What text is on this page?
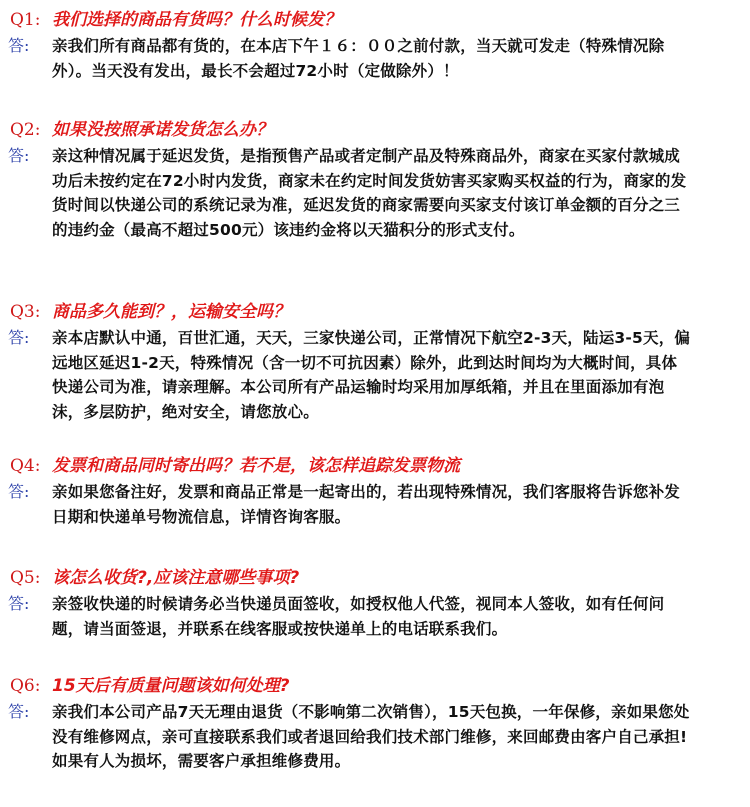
Q1: 我们选择的商品有货吗？什么时候发？
答: 亲我们所有商品都有货的，在本店下午１６：００之前付款，当天就可发走（特殊情况除外）。当天没有发出，最长不会超过72小时（定做除外）！
Q2: 如果没按照承诺发货怎么办？
答: 亲这种情况属于延迟发货，是指预售产品或者定制产品及特殊商品外，商家在买家付款城成功后未按约定在72小时内发货，商家未在约定时间发货妨害买家购买权益的行为，商家的发货时间以快递公司的系统记录为准，延迟发货的商家需要向买家支付该订单金额的百分之三的违约金（最高不超过500元）该违约金将以天猫积分的形式支付。
Q3: 商品多久能到？，运输安全吗？
答: 亲本店默认中通，百世汇通，天天，三家快递公司，正常情况下航空2-3天，陆运3-5天，偏远地区延迟1-2天，特殊情况（含一切不可抗因素）除外，此到达时间均为大概时间，具体快递公司为准，请亲理解。本公司所有产品运输时均采用加厚纸箱，并且在里面添加有泡沫，多层防护，绝对安全，请您放心。
Q4: 发票和商品同时寄出吗？若不是，该怎样追踪发票物流
答: 亲如果您备注好，发票和商品正常是一起寄出的，若出现特殊情况，我们客服将告诉您补发日期和快递单号物流信息，详情咨询客服。
Q5: 该怎么收货?,应该注意哪些事项?
答: 亲签收快递的时候请务必当快递员面签收，如授权他人代签，视同本人签收，如有任何问题，请当面签退，并联系在线客服或按快递单上的电话联系我们。
Q6: 15天后有质量问题该如何处理?
答: 亲我们本公司产品7天无理由退货（不影响第二次销售），15天包换，一年保修，亲如果您处没有维修网点，亲可直接联系我们或者退回给我们技术部门维修，来回邮费由客户自己承担!如果有人为损坏，需要客户承担维修费用。
